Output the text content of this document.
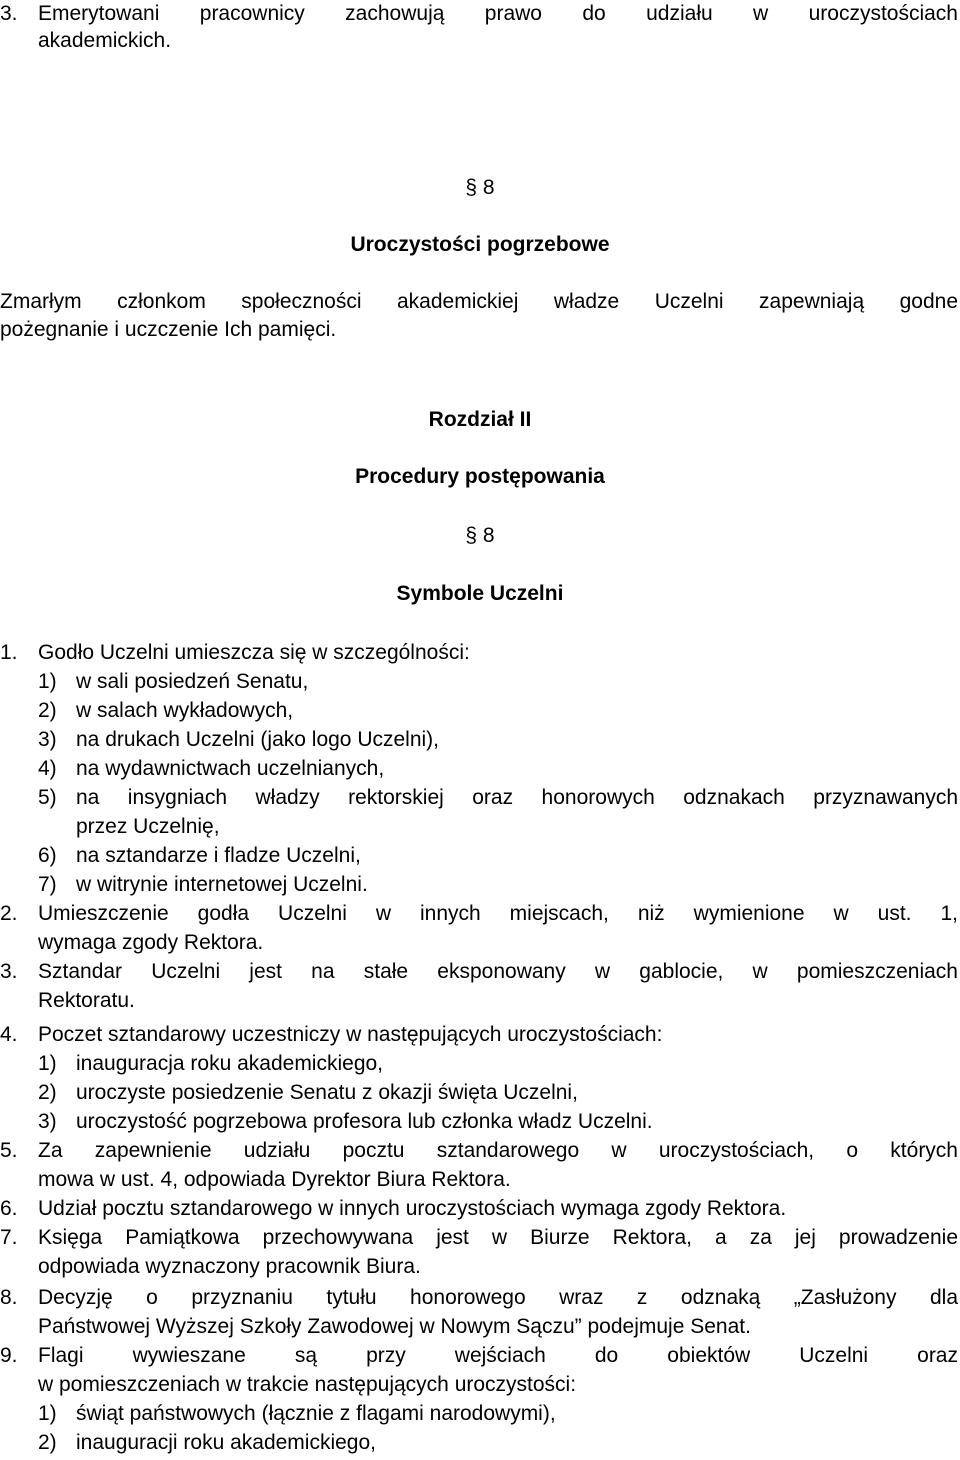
3. Emerytowani pracownicy zachowują prawo do udziału w uroczystościach
akademickich.
§ 8
Uroczystości pogrzebowe
Zmarłym członkom społeczności akademickiej władze Uczelni zapewniają godne
pożegnanie i uczczenie Ich pamięci.
Rozdział II
Procedury postępowania
§ 8
Symbole Uczelni
1. Godło Uczelni umieszcza się w szczególności:
1) w sali posiedzeń Senatu,
2) w salach wykładowych,
3) na drukach Uczelni (jako logo Uczelni),
4) na wydawnictwach uczelnianych,
5) na insygniach władzy rektorskiej oraz honorowych odznakach przyznawanych
przez Uczelnię,
6) na sztandarze i fladze Uczelni,
7) w witrynie internetowej Uczelni.
2. Umieszczenie godła Uczelni w innych miejscach, niż wymienione w ust. 1,
wymaga zgody Rektora.
3. Sztandar Uczelni jest na stałe eksponowany w gablocie, w pomieszczeniach
Rektoratu.
4. Poczet sztandarowy uczestniczy w następujących uroczystościach:
1) inauguracja roku akademickiego,
2) uroczyste posiedzenie Senatu z okazji święta Uczelni,
3) uroczystość pogrzebowa profesora lub członka władz Uczelni.
5. Za zapewnienie udziału pocztu sztandarowego w uroczystościach, o których
mowa w ust. 4, odpowiada Dyrektor Biura Rektora.
6. Udział pocztu sztandarowego w innych uroczystościach wymaga zgody Rektora.
7. Księga Pamiątkowa przechowywana jest w Biurze Rektora, a za jej prowadzenie
odpowiada wyznaczony pracownik Biura.
8. Decyzję o przyznaniu tytułu honorowego wraz z odznaką „Zasłużony dla
Państwowej Wyższej Szkoły Zawodowej w Nowym Sączu” podejmuje Senat.
9. Flagi wywieszane są przy wejściach do obiektów Uczelni oraz
w pomieszczeniach w trakcie następujących uroczystości:
1) świąt państwowych (łącznie z flagami narodowymi),
2) inauguracji roku akademickiego,
